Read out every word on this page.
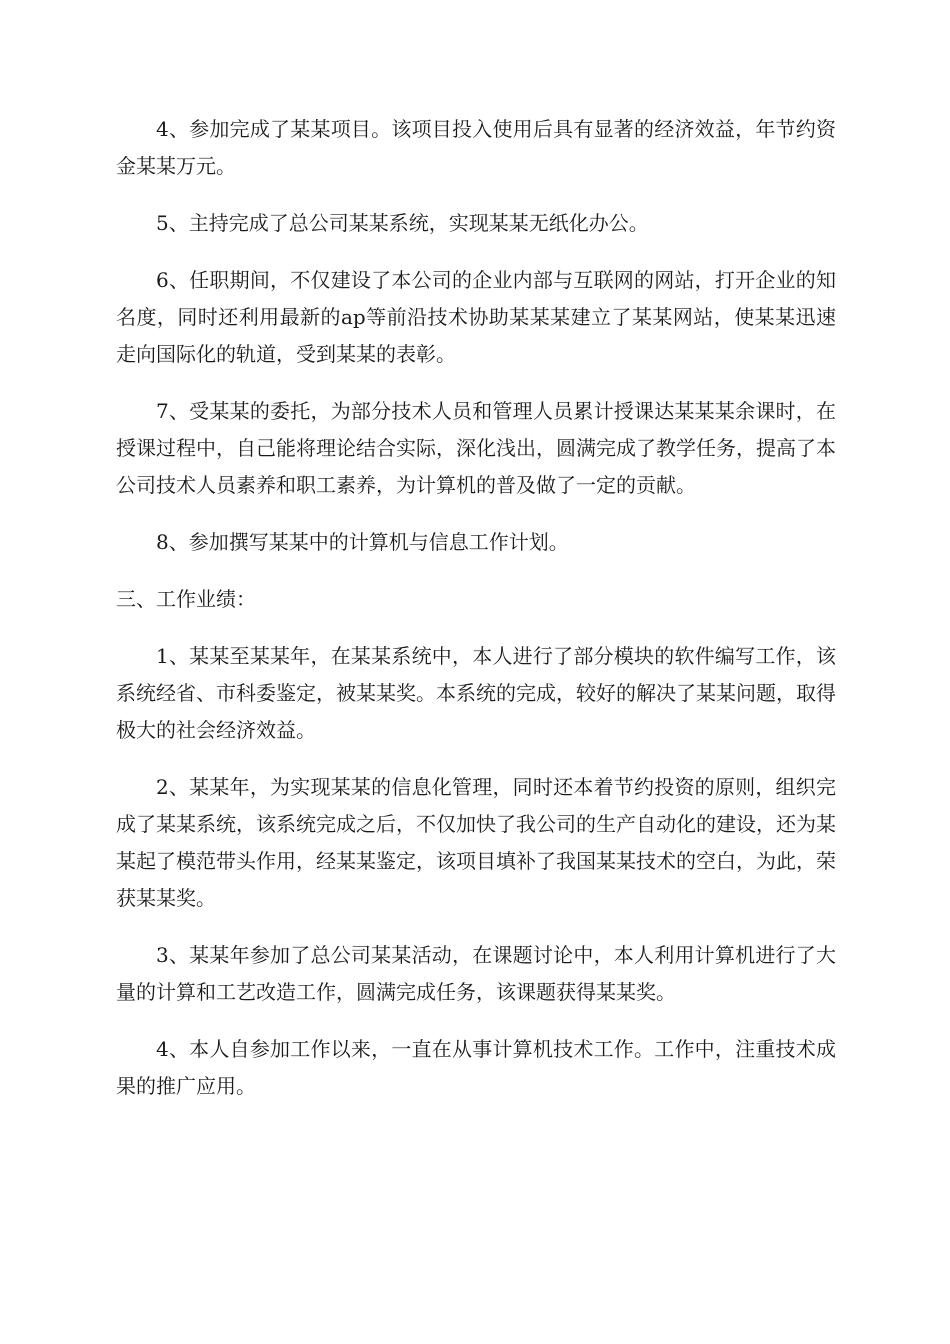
4、参加完成了某某项目。该项目投入使用后具有显著的经济效益，年节约资金某某万元。

5、主持完成了总公司某某系统，实现某某无纸化办公。

6、任职期间，不仅建设了本公司的企业内部与互联网的网站，打开企业的知名度，同时还利用最新的ap等前沿技术协助某某某建立了某某网站，使某某迅速走向国际化的轨道，受到某某的表彰。

7、受某某的委托，为部分技术人员和管理人员累计授课达某某某余课时，在授课过程中，自己能将理论结合实际，深化浅出，圆满完成了教学任务，提高了本公司技术人员素养和职工素养，为计算机的普及做了一定的贡献。

8、参加撰写某某中的计算机与信息工作计划。

三、工作业绩：

1、某某至某某年，在某某系统中，本人进行了部分模块的软件编写工作，该系统经省、市科委鉴定，被某某奖。本系统的完成，较好的解决了某某问题，取得极大的社会经济效益。

2、某某年，为实现某某的信息化管理，同时还本着节约投资的原则，组织完成了某某系统，该系统完成之后，不仅加快了我公司的生产自动化的建设，还为某某起了模范带头作用，经某某鉴定，该项目填补了我国某某技术的空白，为此，荣获某某奖。

3、某某年参加了总公司某某活动，在课题讨论中，本人利用计算机进行了大量的计算和工艺改造工作，圆满完成任务，该课题获得某某奖。

4、本人自参加工作以来，一直在从事计算机技术工作。工作中，注重技术成果的推广应用。
